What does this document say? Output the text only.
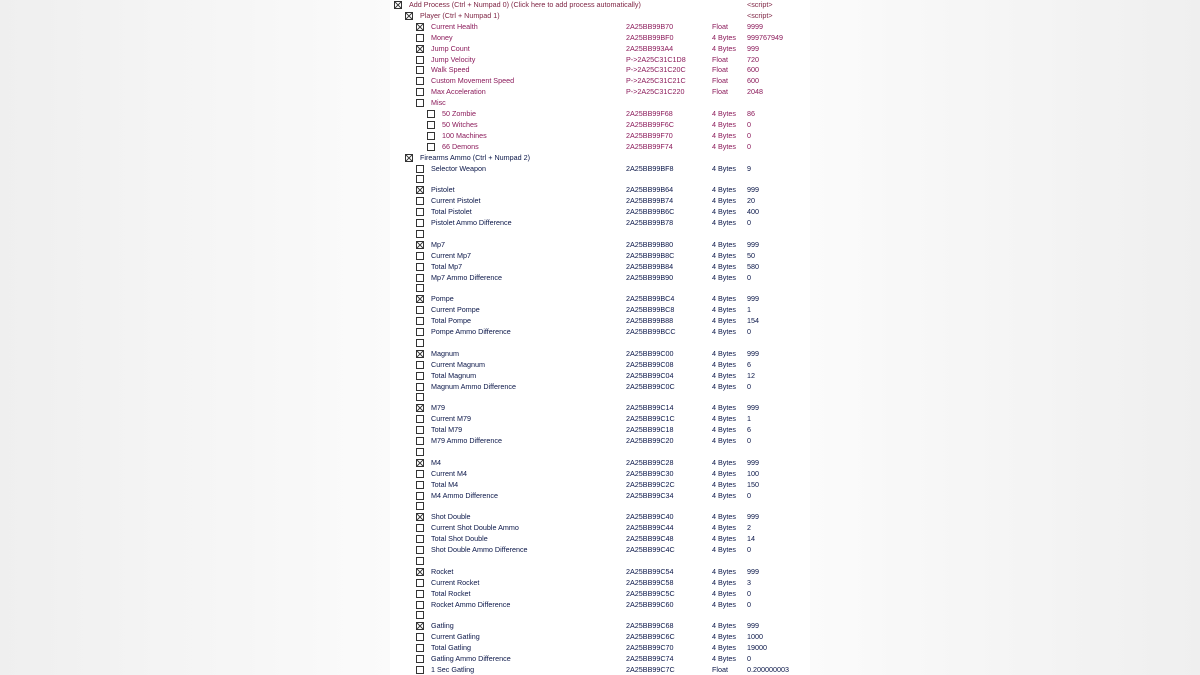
Add Process (Ctrl + Numpad 0) (Click here to add process automatically)	<script>
Player (Ctrl + Numpad 1)	<script>
Current Health	2A25BB99B70	Float	9999
Money	2A25BB99BF0	4 Bytes 999767949
Jump Count	2A25BB993A4	4 Bytes 999
Jump Velocity	P->2A25C31C1D8	Float	720
Walk Speed	P->2A25C31C20C	Float	600
Custom Movement Speed	P->2A25C31C21C	Float	600
Max Acceleration	P->2A25C31C220	Float	2048
Misc
50 Zombie	2A25BB99F68	4 Bytes 86
50 Witches	2A25BB99F6C	4 Bytes 0
100 Machines	2A25BB99F70	4 Bytes 0
66 Demons	2A25BB99F74	4 Bytes 0
Firearms Ammo (Ctrl + Numpad 2)
Selector Weapon	2A25BB99BF8	4 Bytes 9
Pistolet	2A25BB99B64	4 Bytes 999
Current Pistolet	2A25BB99B74	4 Bytes 20
Total Pistolet	2A25BB99B6C	4 Bytes 400
Pistolet Ammo Difference	2A25BB99B78	4 Bytes 0
Mp7	2A25BB99B80	4 Bytes 999
Current Mp7	2A25BB99B8C	4 Bytes 50
Total Mp7	2A25BB99B84	4 Bytes 580
Mp7 Ammo Difference	2A25BB99B90	4 Bytes 0
Pompe	2A25BB99BC4	4 Bytes 999
Current Pompe	2A25BB99BC8	4 Bytes 1
Total Pompe	2A25BB99B88	4 Bytes 154
Pompe Ammo Difference	2A25BB99BCC	4 Bytes 0
Magnum	2A25BB99C00	4 Bytes 999
Current Magnum	2A25BB99C08	4 Bytes 6
Total Magnum	2A25BB99C04	4 Bytes 12
Magnum Ammo Difference	2A25BB99C0C	4 Bytes 0
M79	2A25BB99C14	4 Bytes 999
Current M79	2A25BB99C1C	4 Bytes 1
Total M79	2A25BB99C18	4 Bytes 6
M79 Ammo Difference	2A25BB99C20	4 Bytes 0
M4	2A25BB99C28	4 Bytes 999
Current M4	2A25BB99C30	4 Bytes 100
Total M4	2A25BB99C2C	4 Bytes 150
M4 Ammo Difference	2A25BB99C34	4 Bytes 0
Shot Double	2A25BB99C40	4 Bytes 999
Current Shot Double Ammo	2A25BB99C44	4 Bytes 2
Total Shot Double	2A25BB99C48	4 Bytes 14
Shot Double Ammo Difference	2A25BB99C4C	4 Bytes 0
Rocket	2A25BB99C54	4 Bytes 999
Current Rocket	2A25BB99C58	4 Bytes 3
Total Rocket	2A25BB99C5C	4 Bytes 0
Rocket Ammo Difference	2A25BB99C60	4 Bytes 0
Gatling	2A25BB99C68	4 Bytes 999
Current Gatling	2A25BB99C6C	4 Bytes 1000
Total Gatling	2A25BB99C70	4 Bytes 19000
Gatling Ammo Difference	2A25BB99C74	4 Bytes 0
1 Sec Gatling	2A25BB99C7C	Float	0.200000003
